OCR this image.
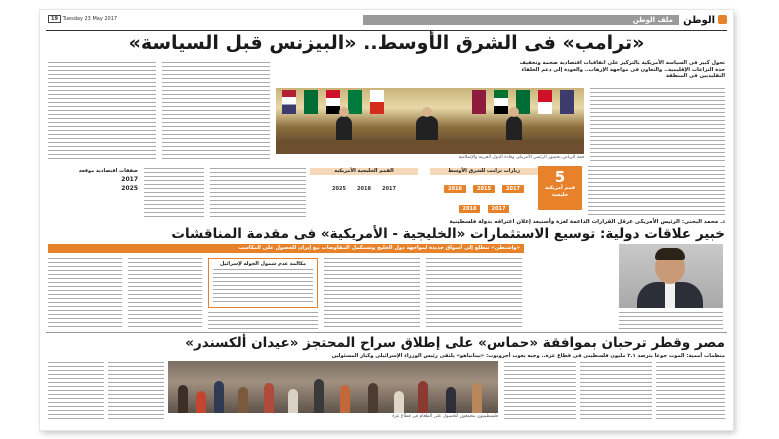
الوطن
ملف الوطن
19 Tuesday 23 May 2017
«ترامب» فى الشرق الأوسط.. «البيزنس قبل السياسة»
تحول كبير فى السياسة الأمريكية بالتركيز على اتفاقيات اقتصادية ضخمة وتخفيف حدة النزاعات الإقليمية.. والتعاون فى مواجهة الإرهاب.. والعودة إلى دعم الحلفاء التقليديين فى المنطقة
قمة الرياض بحضور الرئيس الأمريكى وقادة الدول العربية والإسلامية
صفقات اقتصادية موقعة
2017
2025
زيارات ترامب للشرق الأوسط
2017 2015 2016 2017 2018
القمم الخليجية الأمريكية
2017 2018 2025
5
قمم أمريكية خليجية
د. محمد البحنى: الرئيس الأمريكى عرقل القرارات الداعمة لغزة وأستبعد إعلان اعترافه بدولة فلسطينية
خبير علاقات دولية: توسيع الاستثمارات «الخليجية - الأمريكية» فى مقدمة المناقشات
«واشنطن» تتطلع إلى أسواق جديدة لمواجهة دول الخليج وتستكمل المفاوضات مع إيران للحصول على المكاسب
مكالمة عدم شمول الجولة لإسرائيل
مصر وقطر ترحبان بموافقة «حماس» على إطلاق سراح المحتجز «عيدان ألكسندر»
منظمات أممية: الموت جوعا يترصد ٢.١ مليون فلسطينى فى قطاع غزة.. وجيه يعوت أحرونوت: «نيتانياهو» يلتقى رئيس الوزراء الإسرائيلى وكبار المسئولين
فلسطينيون يتجمعون للحصول على الطعام فى قطاع غزة
